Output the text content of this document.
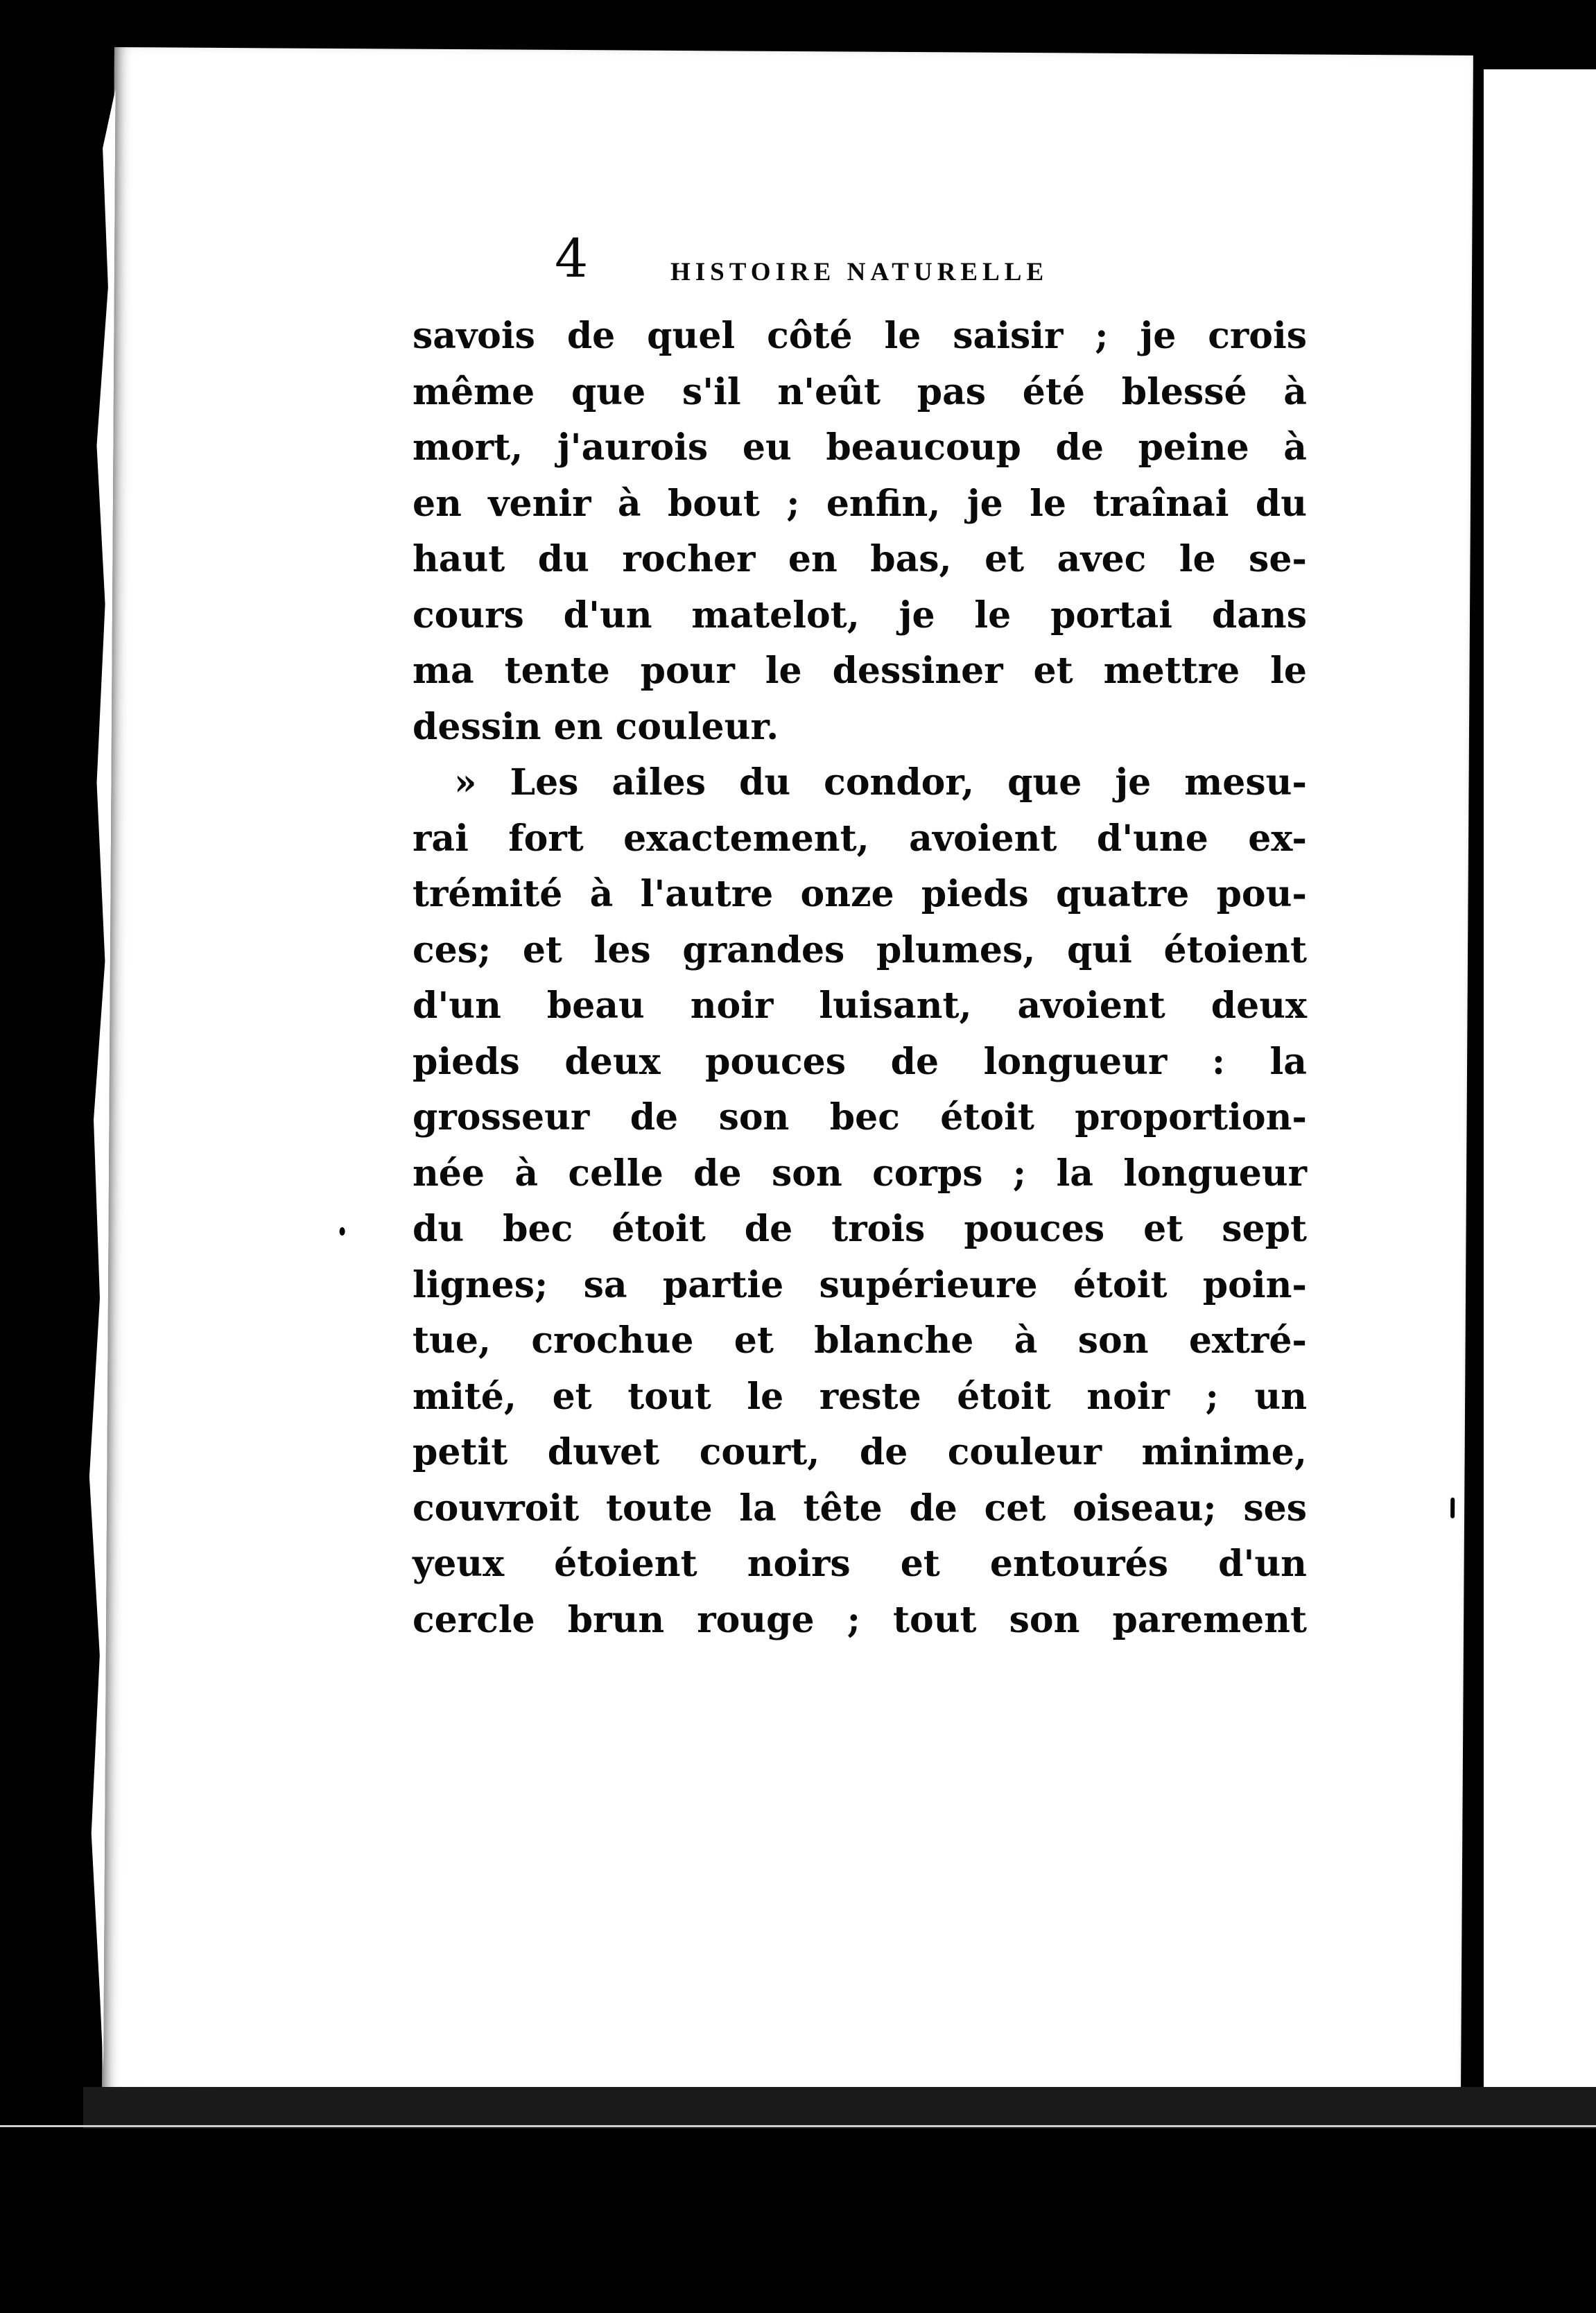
4	HISTOIRE NATURELLE
savois de quel côté le saisir ; je crois
même que s'il n'eût pas été blessé à
mort, j'aurois eu beaucoup de peine à
en venir à bout ; enfin, je le traînai du
haut du rocher en bas, et avec le se-
cours d'un matelot, je le portai dans
ma tente pour le dessiner et mettre le
dessin en couleur.
» Les ailes du condor, que je mesu-
rai fort exactement, avoient d'une ex-
trémité à l'autre onze pieds quatre pou-
ces; et les grandes plumes, qui étoient
d'un beau noir luisant, avoient deux
pieds deux pouces de longueur : la
grosseur de son bec étoit proportion-
née à celle de son corps ; la longueur
du bec étoit de trois pouces et sept
lignes; sa partie supérieure étoit poin-
tue, crochue et blanche à son extré-
mité, et tout le reste étoit noir ; un
petit duvet court, de couleur minime,
couvroit toute la tête de cet oiseau; ses
yeux étoient noirs et entourés d'un
cercle brun rouge ; tout son parement
